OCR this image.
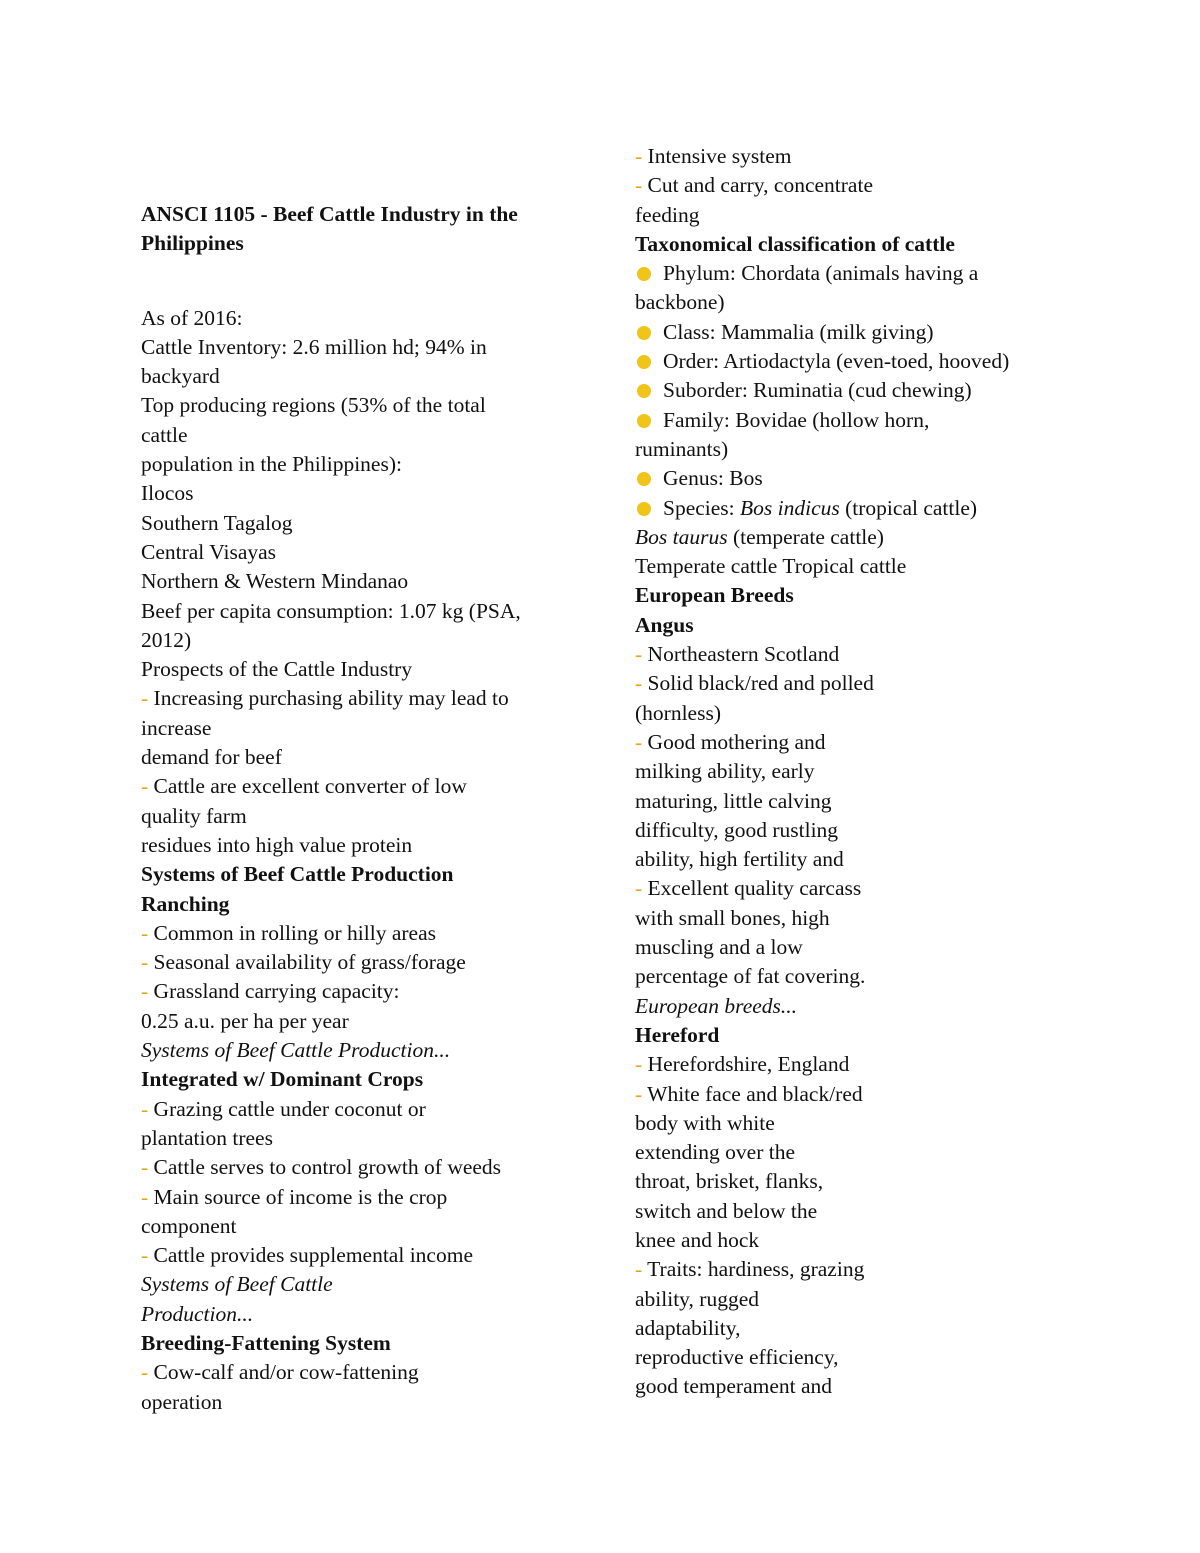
ANSCI 1105 - Beef Cattle Industry in the
Philippines
As of 2016:
Cattle Inventory: 2.6 million hd; 94% in
backyard
Top producing regions (53% of the total
cattle
population in the Philippines):
Ilocos
Southern Tagalog
Central Visayas
Northern & Western Mindanao
Beef per capita consumption: 1.07 kg (PSA,
2012)
Prospects of the Cattle Industry
- Increasing purchasing ability may lead to
increase
demand for beef
- Cattle are excellent converter of low
quality farm
residues into high value protein
Systems of Beef Cattle Production
Ranching
- Common in rolling or hilly areas
- Seasonal availability of grass/forage
- Grassland carrying capacity:
0.25 a.u. per ha per year
Systems of Beef Cattle Production...
Integrated w/ Dominant Crops
- Grazing cattle under coconut or
plantation trees
- Cattle serves to control growth of weeds
- Main source of income is the crop
component
- Cattle provides supplemental income
Systems of Beef Cattle
Production...
Breeding-Fattening System
- Cow-calf and/or cow-fattening
operation
- Intensive system
- Cut and carry, concentrate
feeding
Taxonomical classification of cattle
Phylum: Chordata (animals having a
backbone)
Class: Mammalia (milk giving)
Order: Artiodactyla (even-toed, hooved)
Suborder: Ruminatia (cud chewing)
Family: Bovidae (hollow horn,
ruminants)
Genus: Bos
Species: Bos indicus (tropical cattle)
Bos taurus (temperate cattle)
Temperate cattle Tropical cattle
European Breeds
Angus
- Northeastern Scotland
- Solid black/red and polled
(hornless)
- Good mothering and
milking ability, early
maturing, little calving
difficulty, good rustling
ability, high fertility and
- Excellent quality carcass
with small bones, high
muscling and a low
percentage of fat covering.
European breeds...
Hereford
- Herefordshire, England
- White face and black/red
body with white
extending over the
throat, brisket, flanks,
switch and below the
knee and hock
- Traits: hardiness, grazing
ability, rugged
adaptability,
reproductive efficiency,
good temperament and
